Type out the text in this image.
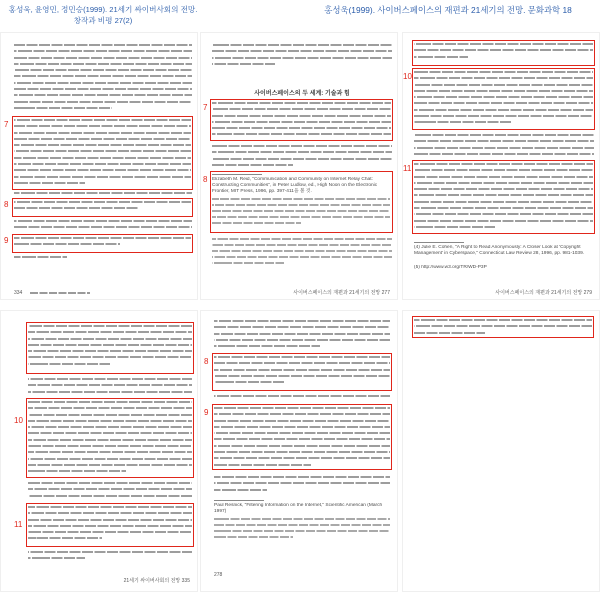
홍성욱, 윤영민, 정민승(1999). 21세기 싸이버사회의 전망.
창작과 비평 27(2)
홍성욱(1999). 사이버스페이스의 재편과 21세기의 전망. 문화과학 18
7
8
9
334
사이버스페이스의 두 세계: 기술과 힘
7
Elizabeth M. Reid, "Communication and Community on Internet Relay Chat: Constructing Communities", in Peter Ludlow, ed., High Noon on the Electronic Frontier, MIT Press, 1996, pp. 397-411을 볼 것.
8
사이버스페이스의 재편과 21세기의 전망 277
10
11
(4) Julie E. Cohen, "A Right to Read Anonymously: A Closer Look at 'Copyright Management' in Cyberspace," Connecticut Law Review 28, 1996, pp. 981-1039.
(5) http://www.w3.org/TR/WD-P3P
사이버스페이스의 재편과 21세기의 전망 279
10
11
21세기 싸이버사회의 전망 335
8
9
Paul Resnick, "Filtering Information on the Internet," Scientific American (March 1997)
278
